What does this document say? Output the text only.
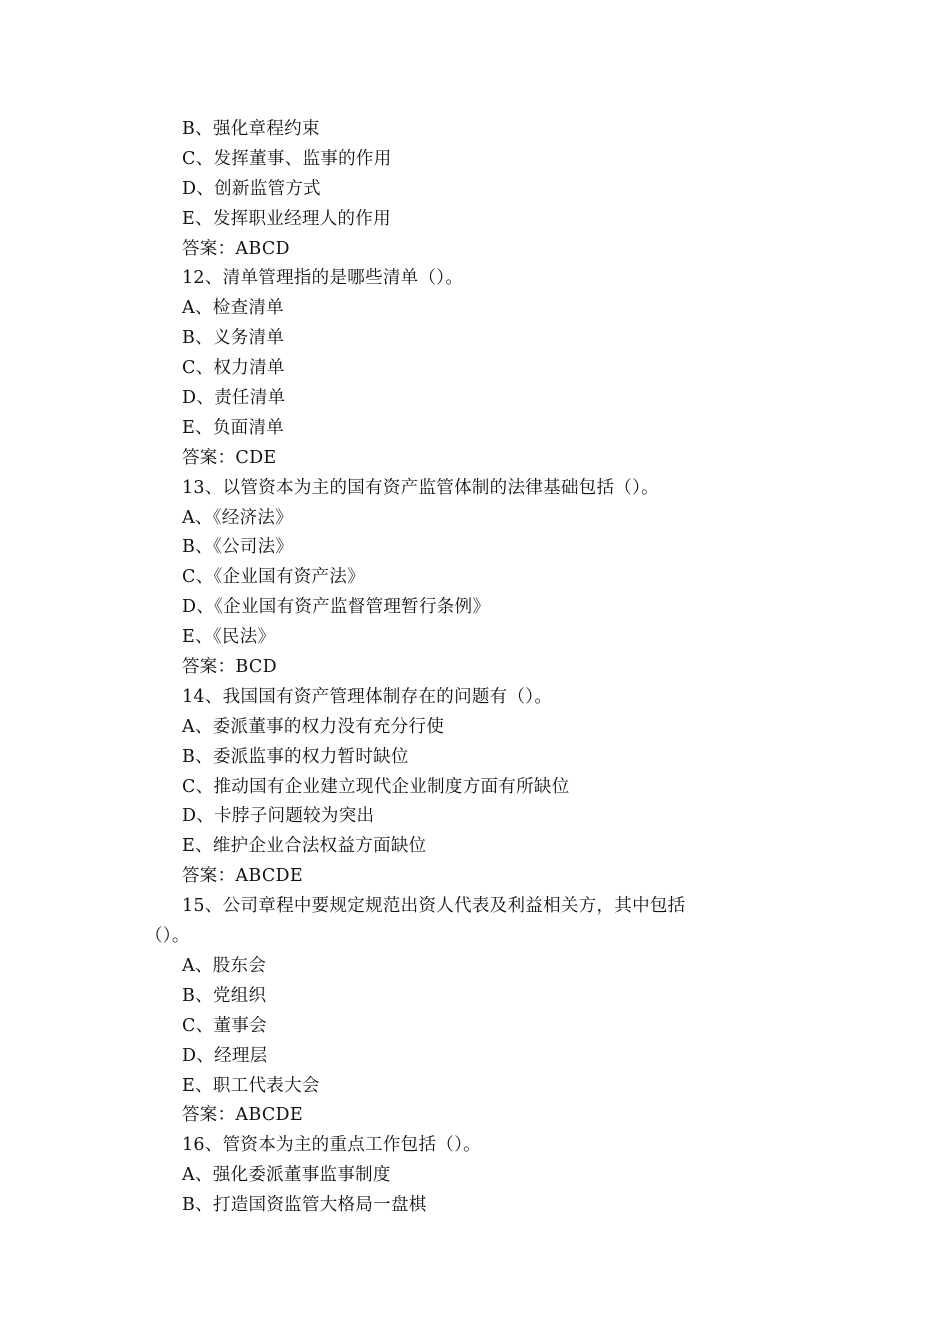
B、强化章程约束
C、发挥董事、监事的作用
D、创新监管方式
E、发挥职业经理人的作用
答案：ABCD
12、清单管理指的是哪些清单（）。
A、检查清单
B、义务清单
C、权力清单
D、责任清单
E、负面清单
答案：CDE
13、以管资本为主的国有资产监管体制的法律基础包括（）。
A、《经济法》
B、《公司法》
C、《企业国有资产法》
D、《企业国有资产监督管理暂行条例》
E、《民法》
答案：BCD
14、我国国有资产管理体制存在的问题有（）。
A、委派董事的权力没有充分行使
B、委派监事的权力暂时缺位
C、推动国有企业建立现代企业制度方面有所缺位
D、卡脖子问题较为突出
E、维护企业合法权益方面缺位
答案：ABCDE
15、公司章程中要规定规范出资人代表及利益相关方，其中包括
（）。
A、股东会
B、党组织
C、董事会
D、经理层
E、职工代表大会
答案：ABCDE
16、管资本为主的重点工作包括（）。
A、强化委派董事监事制度
B、打造国资监管大格局一盘棋
